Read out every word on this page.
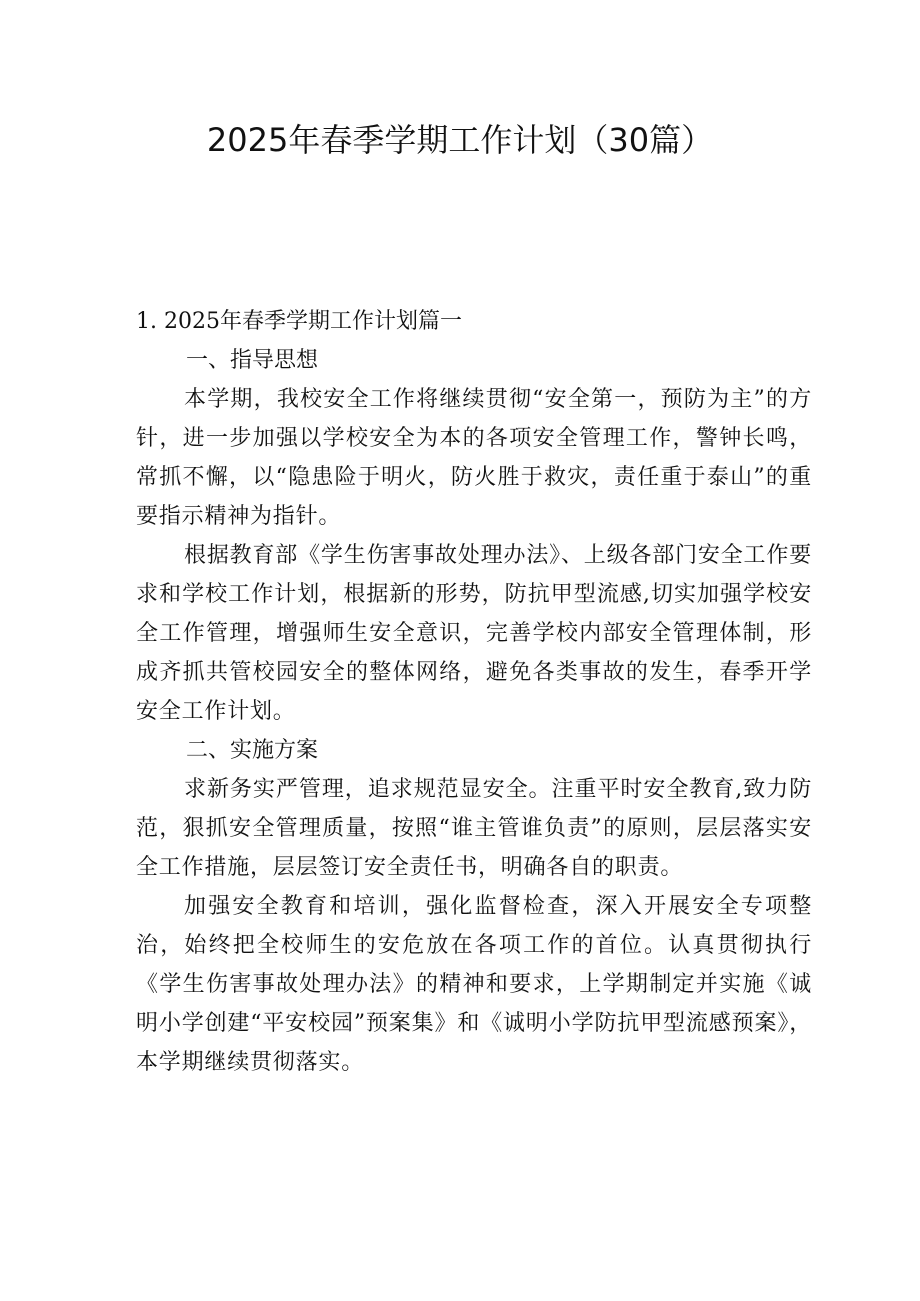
2025年春季学期工作计划（30篇）
1. 2025年春季学期工作计划篇一
一、指导思想

本学期，我校安全工作将继续贯彻“安全第一，预防为主”的方针，进一步加强以学校安全为本的各项安全管理工作，警钟长鸣，常抓不懈，以“隐患险于明火，防火胜于救灾，责任重于泰山”的重要指示精神为指针。

根据教育部《学生伤害事故处理办法》、上级各部门安全工作要求和学校工作计划，根据新的形势，防抗甲型流感,切实加强学校安全工作管理，增强师生安全意识，完善学校内部安全管理体制，形成齐抓共管校园安全的整体网络，避免各类事故的发生，春季开学安全工作计划。

二、实施方案

求新务实严管理，追求规范显安全。注重平时安全教育,致力防范，狠抓安全管理质量，按照“谁主管谁负责”的原则，层层落实安全工作措施，层层签订安全责任书，明确各自的职责。

加强安全教育和培训，强化监督检查，深入开展安全专项整治，始终把全校师生的安危放在各项工作的首位。认真贯彻执行《学生伤害事故处理办法》的精神和要求，上学期制定并实施《诚明小学创建“平安校园”预案集》和《诚明小学防抗甲型流感预案》，本学期继续贯彻落实。
